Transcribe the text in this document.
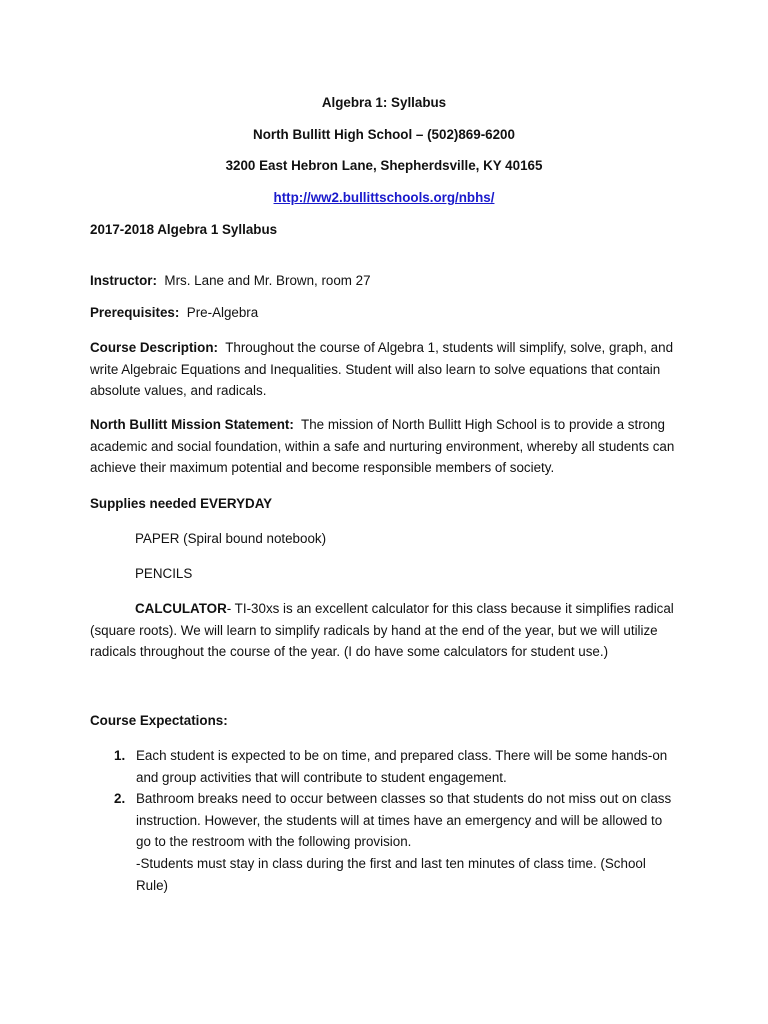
Algebra 1: Syllabus
North Bullitt High School – (502)869-6200
3200 East Hebron Lane, Shepherdsville, KY 40165
http://ww2.bullittschools.org/nbhs/
2017-2018 Algebra 1 Syllabus
Instructor: Mrs. Lane and Mr. Brown, room 27
Prerequisites: Pre-Algebra
Course Description: Throughout the course of Algebra 1, students will simplify, solve, graph, and write Algebraic Equations and Inequalities. Student will also learn to solve equations that contain absolute values, and radicals.
North Bullitt Mission Statement: The mission of North Bullitt High School is to provide a strong academic and social foundation, within a safe and nurturing environment, whereby all students can achieve their maximum potential and become responsible members of society.
Supplies needed EVERYDAY
PAPER (Spiral bound notebook)
PENCILS
CALCULATOR- TI-30xs is an excellent calculator for this class because it simplifies radical (square roots). We will learn to simplify radicals by hand at the end of the year, but we will utilize radicals throughout the course of the year. (I do have some calculators for student use.)
Course Expectations:
1. Each student is expected to be on time, and prepared class. There will be some hands-on and group activities that will contribute to student engagement.
2. Bathroom breaks need to occur between classes so that students do not miss out on class instruction. However, the students will at times have an emergency and will be allowed to go to the restroom with the following provision.
-Students must stay in class during the first and last ten minutes of class time. (School Rule)
